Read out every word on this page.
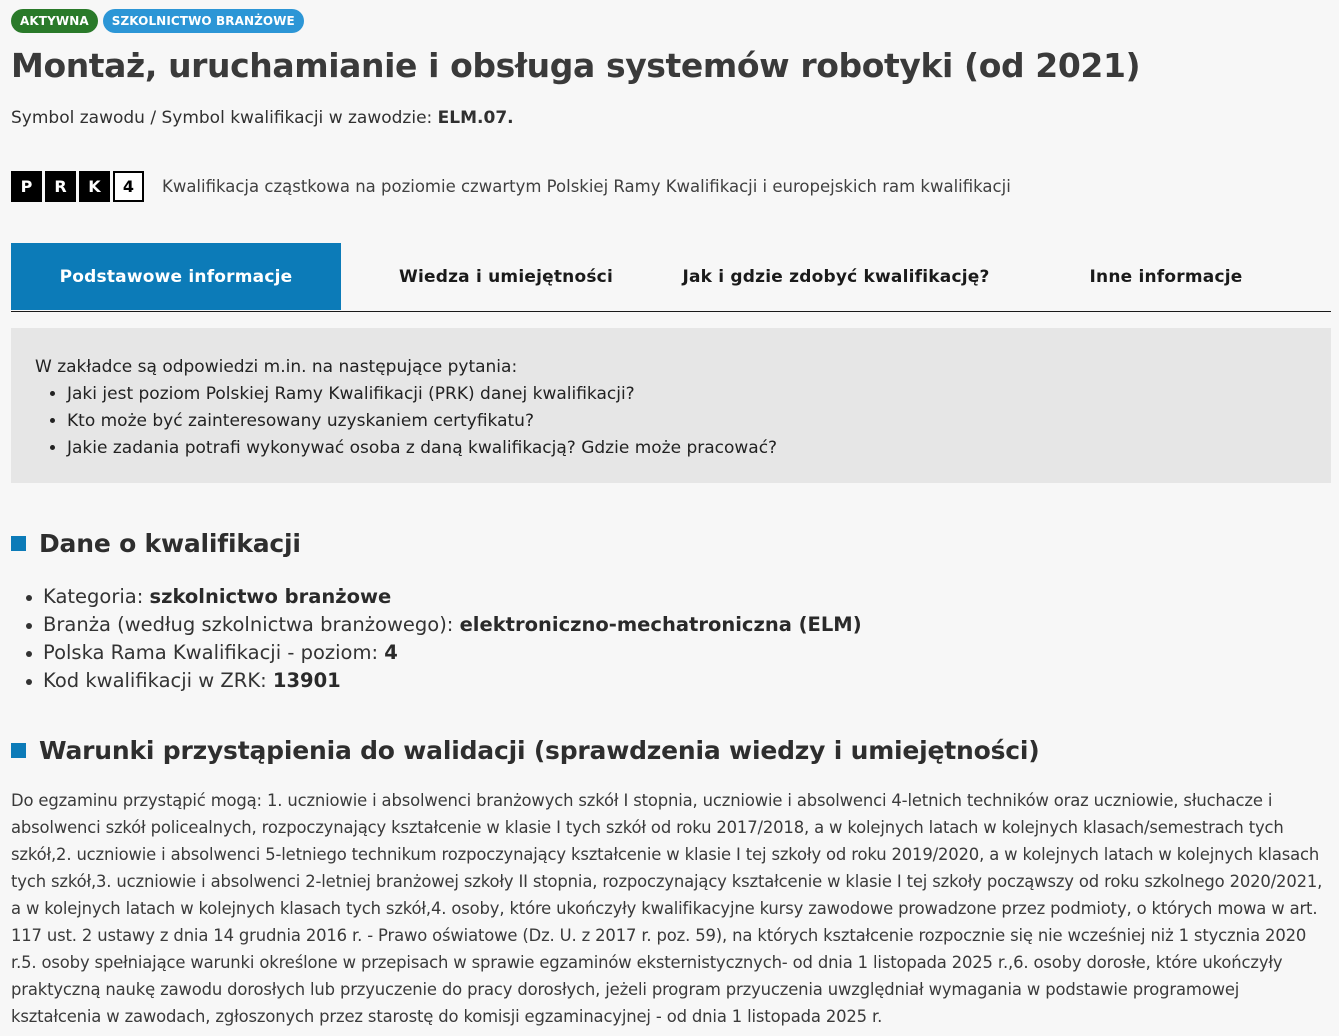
AKTYWNA	SZKOLNICTWO BRANŻOWE
Montaż, uruchamianie i obsługa systemów robotyki (od 2021)
Symbol zawodu / Symbol kwalifikacji w zawodzie: ELM.07.
P	R	K	4	Kwalifikacja cząstkowa na poziomie czwartym Polskiej Ramy Kwalifikacji i europejskich ram kwalifikacji
Podstawowe informacje	Wiedza i umiejętności	Jak i gdzie zdobyć kwalifikację?	Inne informacje

W zakładce są odpowiedzi m.in. na następujące pytania:

• Jaki jest poziom Polskiej Ramy Kwalifikacji (PRK) danej kwalifikacji?
• Kto może być zainteresowany uzyskaniem certyfikatu?
• Jakie zadania potrafi wykonywać osoba z daną kwalifikacją? Gdzie może pracować?
Dane o kwalifikacji
Kategoria: szkolnictwo branżowe
Branża (według szkolnictwa branżowego): elektroniczno-mechatroniczna (ELM)
Polska Rama Kwalifikacji - poziom: 4
Kod kwalifikacji w ZRK: 13901
Warunki przystąpienia do walidacji (sprawdzenia wiedzy i umiejętności)

Do egzaminu przystąpić mogą: 1. uczniowie i absolwenci branżowych szkół I stopnia, uczniowie i absolwenci 4-letnich techników oraz uczniowie, słuchacze i absolwenci szkół policealnych, rozpoczynający kształcenie w klasie I tych szkół od roku 2017/2018, a w kolejnych latach w kolejnych klasach/semestrach tych szkół,2. uczniowie i absolwenci 5-letniego technikum rozpoczynający kształcenie w klasie I tej szkoły od roku 2019/2020, a w kolejnych latach w kolejnych klasach tych szkół,3. uczniowie i absolwenci 2-letniej branżowej szkoły II stopnia, rozpoczynający kształcenie w klasie I tej szkoły począwszy od roku szkolnego 2020/2021, a w kolejnych latach w kolejnych klasach tych szkół,4. osoby, które ukończyły kwalifikacyjne kursy zawodowe prowadzone przez podmioty, o których mowa w art. 117 ust. 2 ustawy z dnia 14 grudnia 2016 r. - Prawo oświatowe (Dz. U. z 2017 r. poz. 59), na których kształcenie rozpocznie się nie wcześniej niż 1 stycznia 2020 r.5. osoby spełniające warunki określone w przepisach w sprawie egzaminów eksternistycznych- od dnia 1 listopada 2025 r.,6. osoby dorosłe, które ukończyły praktyczną naukę zawodu dorosłych lub przyuczenie do pracy dorosłych, jeżeli program przyuczenia uwzględniał wymagania w podstawie programowej kształcenia w zawodach, zgłoszonych przez starostę do komisji egzaminacyjnej - od dnia 1 listopada 2025 r.
